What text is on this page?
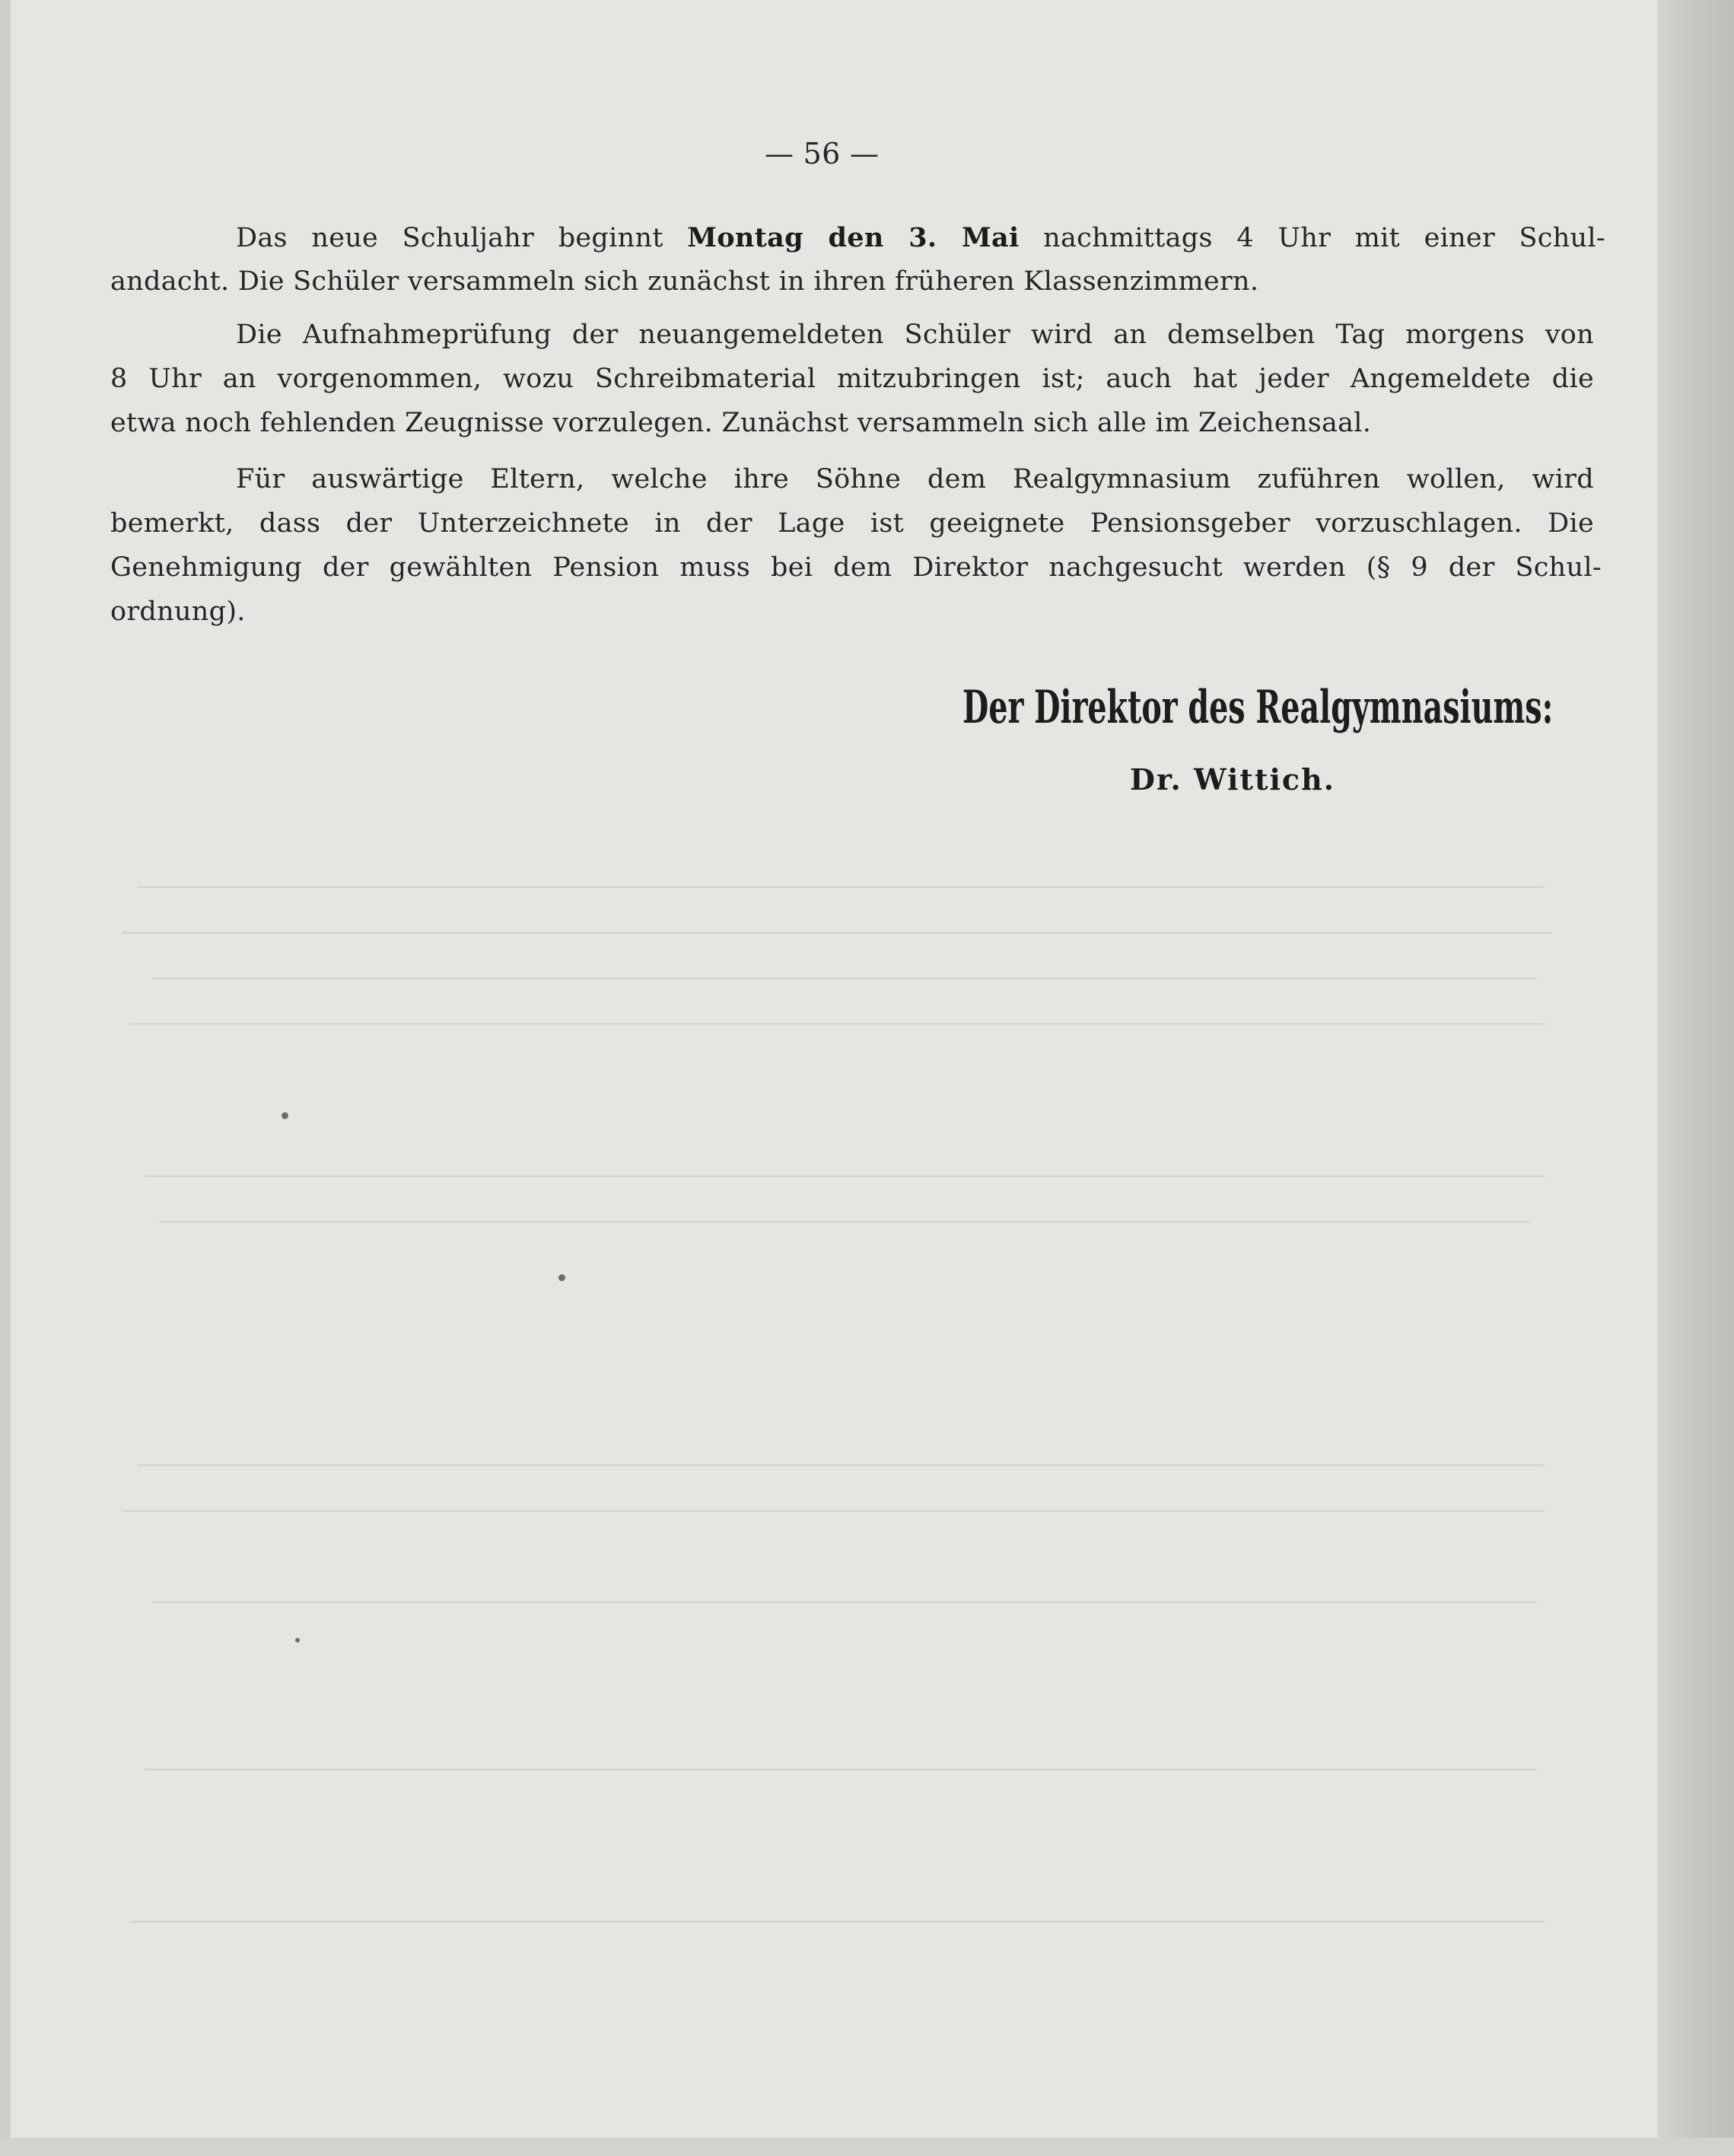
— 56 —
Das neue Schuljahr beginnt Montag den 3. Mai nachmittags 4 Uhr mit einer Schul-
andacht. Die Schüler versammeln sich zunächst in ihren früheren Klassenzimmern.
Die Aufnahmeprüfung der neuangemeldeten Schüler wird an demselben Tag morgens von
8 Uhr an vorgenommen, wozu Schreibmaterial mitzubringen ist; auch hat jeder Angemeldete die
etwa noch fehlenden Zeugnisse vorzulegen. Zunächst versammeln sich alle im Zeichensaal.
Für auswärtige Eltern, welche ihre Söhne dem Realgymnasium zuführen wollen, wird
bemerkt, dass der Unterzeichnete in der Lage ist geeignete Pensionsgeber vorzuschlagen. Die
Genehmigung der gewählten Pension muss bei dem Direktor nachgesucht werden (§ 9 der Schul-
ordnung).
Der Direktor des Realgymnasiums:
Dr. Wittich.
